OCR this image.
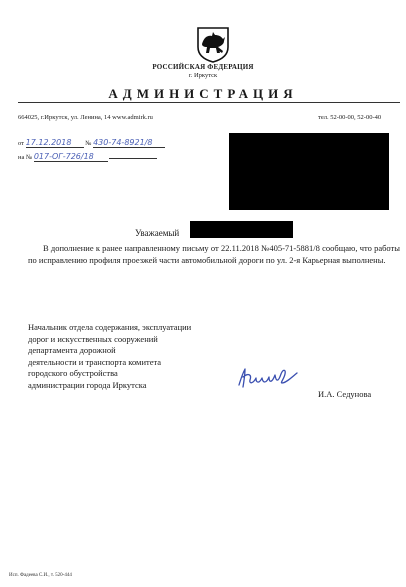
РОССИЙСКАЯ ФЕДЕРАЦИЯ
г. Иркутск
АДМИНИСТРАЦИЯ
664025, г.Иркутск, ул. Ленина, 14 www.admirk.ru	тел. 52-00-00, 52-00-40
от 17.12.2018 № 430-74-8921/8
на № 017-ОГ-726/18
Уважаемый

В дополнение к ранее направленному письму от 22.11.2018 №405-71-5881/8 сообщаю, что работы по исправлению профиля проезжей части автомобильной дороги по ул. 2-я Карьерная выполнены.

Начальник отдела содержания, эксплуатации
дорог и искусственных сооружений
департамента дорожной
деятельности и транспорта комитета
городского обустройства
администрации города Иркутска
И.А. Седунова
Исп. Фадеева С.И., т. 520-444
